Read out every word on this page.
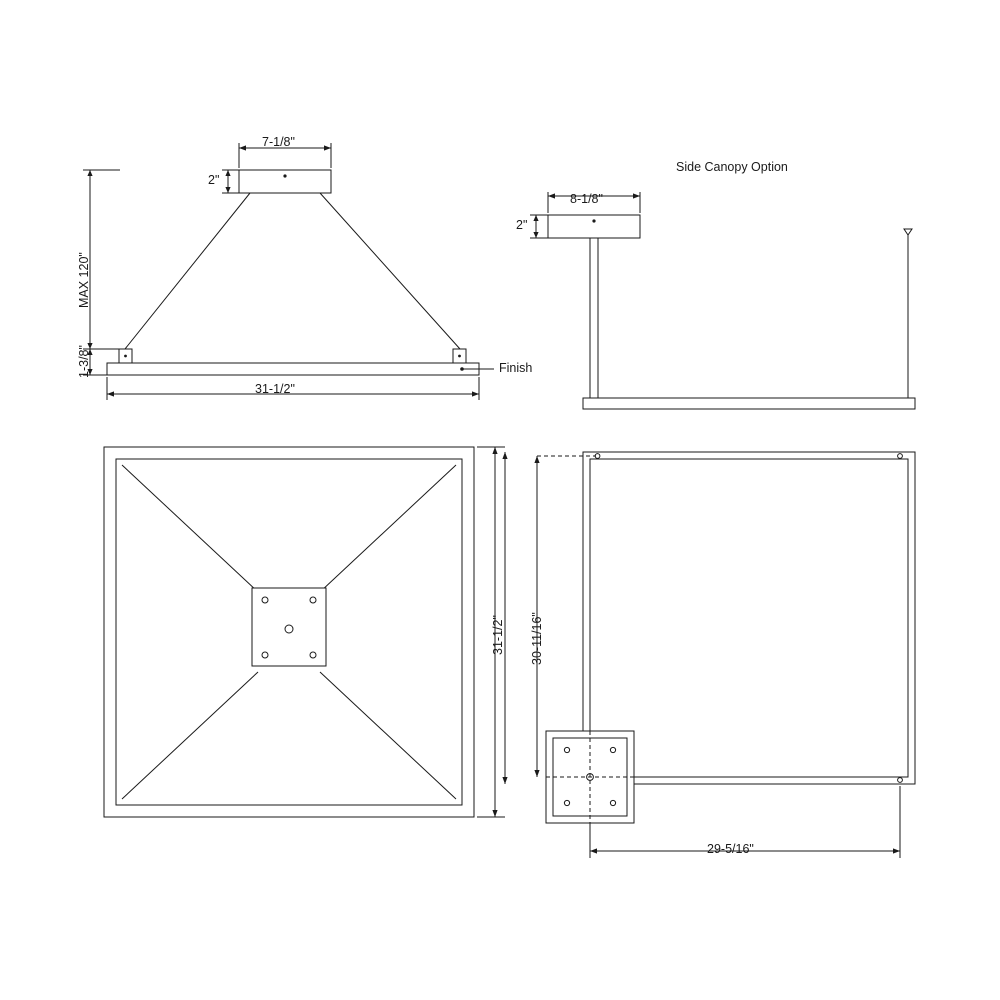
7-1/8"
2"
MAX 120"
1-3/8"
31-1/2"
Finish
Side Canopy Option
8-1/8"
2"
31-1/2" 30-11/16"
29-5/16"
